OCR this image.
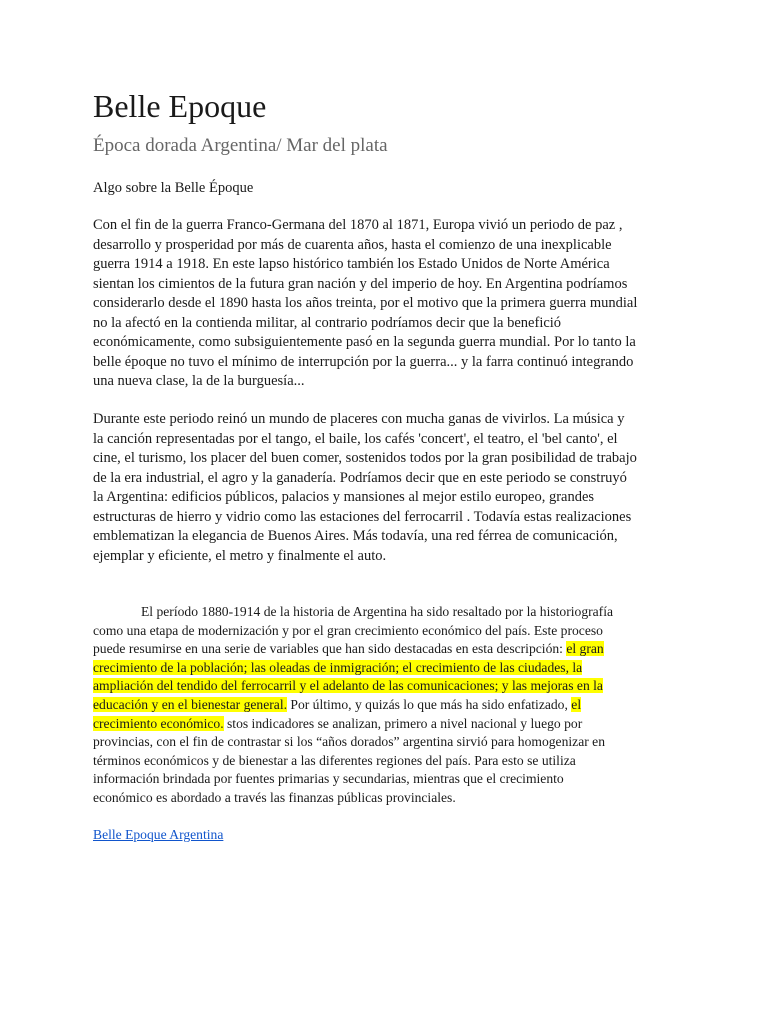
Belle Epoque
Época dorada Argentina/ Mar del plata

Algo sobre la Belle Époque

Con el fin de la guerra Franco-Germana del 1870 al 1871, Europa vivió un periodo de paz ,
desarrollo y prosperidad por más de cuarenta años, hasta el comienzo de una inexplicable
guerra 1914 a 1918. En este lapso histórico también los Estado Unidos de Norte América
sientan los cimientos de la futura gran nación y del imperio de hoy. En Argentina podríamos
considerarlo desde el 1890 hasta los años treinta, por el motivo que la primera guerra mundial
no la afectó en la contienda militar, al contrario podríamos decir que la benefició
económicamente, como subsiguientemente pasó en la segunda guerra mundial. Por lo tanto la
belle époque no tuvo el mínimo de interrupción por la guerra... y la farra continuó integrando
una nueva clase, la de la burguesía...

Durante este periodo reinó un mundo de placeres con mucha ganas de vivirlos. La música y
la canción representadas por el tango, el baile, los cafés 'concert', el teatro, el 'bel canto', el
cine, el turismo, los placer del buen comer, sostenidos todos por la gran posibilidad de trabajo
de la era industrial, el agro y la ganadería. Podríamos decir que en este periodo se construyó
la Argentina: edificios públicos, palacios y mansiones al mejor estilo europeo, grandes
estructuras de hierro y vidrio como las estaciones del ferrocarril . Todavía estas realizaciones
emblematizan la elegancia de Buenos Aires. Más todavía, una red férrea de comunicación,
ejemplar y eficiente, el metro y finalmente el auto.

El período 1880-1914 de la historia de Argentina ha sido resaltado por la historiografía
como una etapa de modernización y por el gran crecimiento económico del país. Este proceso
puede resumirse en una serie de variables que han sido destacadas en esta descripción: el gran
crecimiento de la población; las oleadas de inmigración; el crecimiento de las ciudades, la
ampliación del tendido del ferrocarril y el adelanto de las comunicaciones; y las mejoras en la
educación y en el bienestar general. Por último, y quizás lo que más ha sido enfatizado, el
crecimiento económico. stos indicadores se analizan, primero a nivel nacional y luego por
provincias, con el fin de contrastar si los “años dorados” argentina sirvió para homogenizar en
términos económicos y de bienestar a las diferentes regiones del país. Para esto se utiliza
información brindada por fuentes primarias y secundarias, mientras que el crecimiento
económico es abordado a través las finanzas públicas provinciales.

Belle Epoque Argentina
